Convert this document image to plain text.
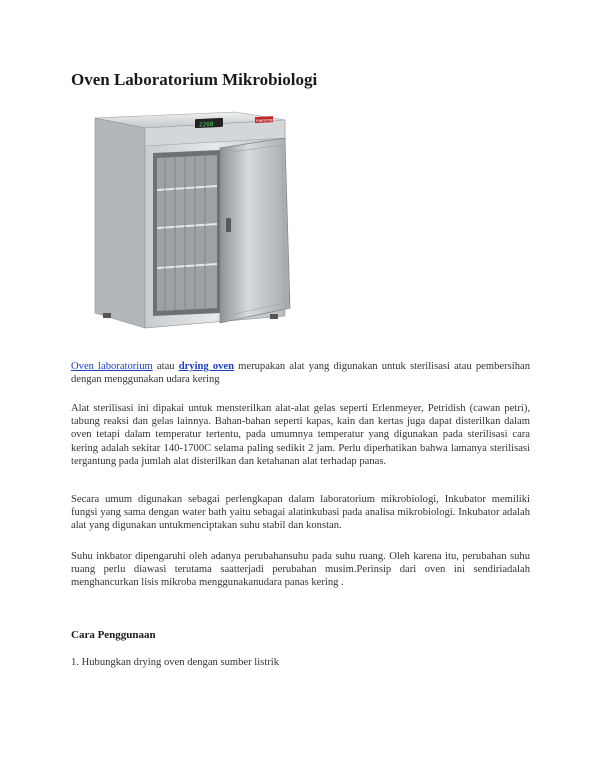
Oven Laboratorium Mikrobiologi
2208
memmert

Oven laboratorium atau drying oven merupakan alat yang digunakan untuk sterilisasi atau pembersihan dengan menggunakan udara kering

Alat sterilisasi ini dipakai untuk mensterilkan alat-alat gelas seperti Erlenmeyer, Petridish (cawan petri), tabung reaksi dan gelas lainnya. Bahan-bahan seperti kapas, kain dan kertas juga dapat disterilkan dalam oven tetapi dalam temperatur tertentu, pada umumnya temperatur yang digunakan pada sterilisasi cara kering adalah sekitar 140-1700C selama paling sedikit 2 jam. Perlu diperhatikan bahwa lamanya sterilisasi tergantung pada jumlah alat disterilkan dan ketahanan alat terhadap panas.

Secara umum digunakan sebagai perlengkapan dalam laboratorium mikrobiologi, Inkubator memiliki fungsi yang sama dengan water bath yaitu sebagai alatinkubasi pada analisa mikrobiologi. Inkubator adalah alat yang digunakan untukmenciptakan suhu stabil dan konstan.

Suhu inkbator dipengaruhi oleh adanya perubahansuhu pada suhu ruang. Oleh karena itu, perubahan suhu ruang perlu diawasi terutama saatterjadi perubahan musim.Perinsip dari oven ini sendiriadalah menghancurkan lisis mikroba menggunakanudara panas kering .

Cara Penggunaan

1. Hubungkan drying oven dengan sumber listrik
